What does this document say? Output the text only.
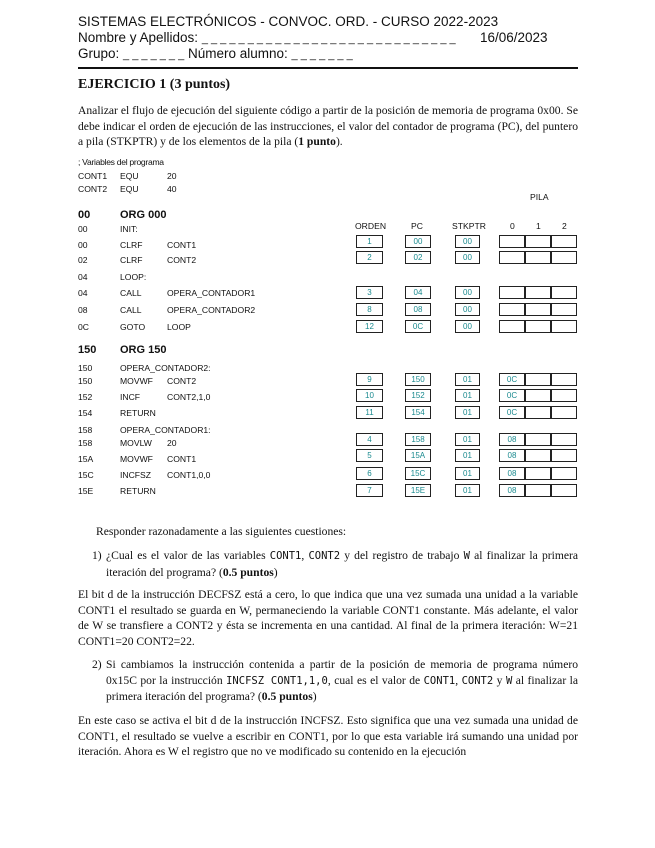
SISTEMAS ELECTRÓNICOS - CONVOC. ORD. - CURSO 2022-2023
Nombre y Apellidos: _ _ _ _ _ _ _ _ _ _ _ _ _ _ _ _ _ _ _ _ _ _ _ _ _ _ _ _ 16/06/2023
Grupo: _ _ _ _ _ _ _ Número alumno: _ _ _ _ _ _ _
EJERCICIO 1 (3 puntos)
Analizar el flujo de ejecución del siguiente código a partir de la posición de memoria de programa 0x00. Se debe indicar el orden de ejecución de las instrucciones, el valor del contador de programa (PC), del puntero a pila (STKPTR) y de los elementos de la pila (1 punto).
; Variables del programa
CONT1 EQU	20
CONT2 EQU	40
00	ORG 000
150 ORG 150
00	INIT:
00	CLRF	CONT1
02	CLRF	CONT2
04	LOOP:
04	CALL	OPERA_CONTADOR1
08	CALL	OPERA_CONTADOR2
0C	GOTO	LOOP
150	OPERA_CONTADOR2:
150	MOVWF CONT2
152	INCF	CONT2,1,0
154	RETURN
158	OPERA_CONTADOR1:
158	MOVLW 20
15A	MOVWF CONT1
15C	INCFSZ CONT1,0,0
15E	RETURN
PILA
ORDEN	PC	STKPTR	0 1 2
1	00	00
2	02	00
3	04	00
8	08	00
12	0C	00
9	150	01	0C
10	152	01	0C
11	154	01	0C
4	158	01	08
5	15A	01	08
6	15C	01	08
7	15E	01	08
Responder razonadamente a las siguientes cuestiones:
1) ¿Cual es el valor de las variables CONT1, CONT2 y del registro de trabajo W al finalizar la primera iteración del programa? (0.5 puntos)
El bit d de la instrucción DECFSZ está a cero, lo que indica que una vez sumada una unidad a la variable CONT1 el resultado se guarda en W, permaneciendo la variable CONT1 constante. Más adelante, el valor de W se transfiere a CONT2 y ésta se incrementa en una cantidad. Al final de la primera iteración: W=21 CONT1=20 CONT2=22.
2) Si cambiamos la instrucción contenida a partir de la posición de memoria de programa número 0x15C por la instrucción INCFSZ CONT1,1,0, cual es el valor de CONT1, CONT2 y W al finalizar la primera iteración del programa? (0.5 puntos)
En este caso se activa el bit d de la instrucción INCFSZ. Esto significa que una vez sumada una unidad de CONT1, el resultado se vuelve a escribir en CONT1, por lo que esta variable irá sumando una unidad por iteración. Ahora es W el registro que no ve modificado su contenido en la ejecución
